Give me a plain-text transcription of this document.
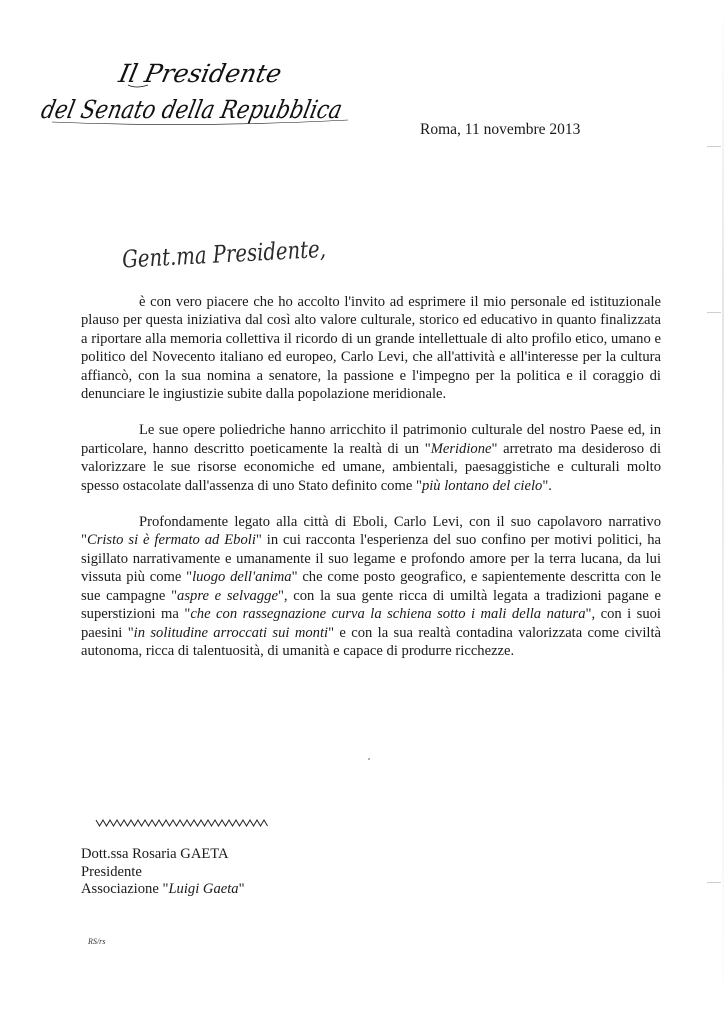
Il Presidente
del Senato della Repubblica
Roma, 11 novembre 2013
Gent.ma Presidente,

è con vero piacere che ho accolto l'invito ad esprimere il mio personale ed istituzionale plauso per questa iniziativa dal così alto valore culturale, storico ed educativo in quanto finalizzata a riportare alla memoria collettiva il ricordo di un grande intellettuale di alto profilo etico, umano e politico del Novecento italiano ed europeo, Carlo Levi, che all'attività e all'interesse per la cultura affiancò, con la sua nomina a senatore, la passione e l'impegno per la politica e il coraggio di denunciare le ingiustizie subite dalla popolazione meridionale.

Le sue opere poliedriche hanno arricchito il patrimonio culturale del nostro Paese ed, in particolare, hanno descritto poeticamente la realtà di un "Meridione" arretrato ma desideroso di valorizzare le sue risorse economiche ed umane, ambientali, paesaggistiche e culturali molto spesso ostacolate dall'assenza di uno Stato definito come "più lontano del cielo".

Profondamente legato alla città di Eboli, Carlo Levi, con il suo capolavoro narrativo "Cristo si è fermato ad Eboli" in cui racconta l'esperienza del suo confino per motivi politici, ha sigillato narrativamente e umanamente il suo legame e profondo amore per la terra lucana, da lui vissuta più come "luogo dell'anima" che come posto geografico, e sapientemente descritta con le sue campagne "aspre e selvagge", con la sua gente ricca di umiltà legata a tradizioni pagane e superstizioni ma "che con rassegnazione curva la schiena sotto i mali della natura", con i suoi paesini "in solitudine arroccati sui monti" e con la sua realtà contadina valorizzata come civiltà autonoma, ricca di talentuosità, di umanità e capace di produrre ricchezze.

Dott.ssa Rosaria GAETA
Presidente
Associazione "Luigi Gaeta"
RS/rs
